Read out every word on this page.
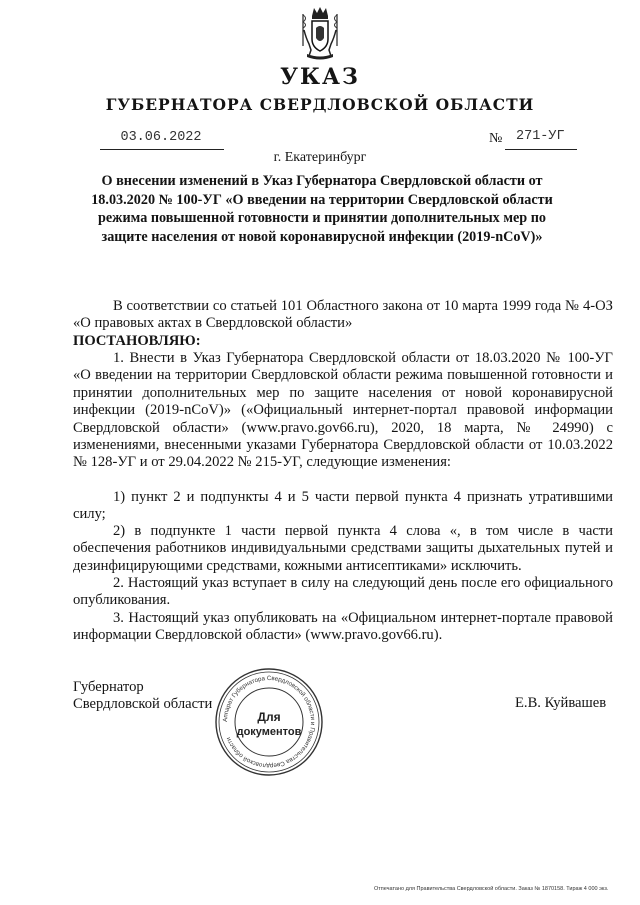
УКАЗ
ГУБЕРНАТОРА СВЕРДЛОВСКОЙ ОБЛАСТИ
03.06.2022	№ 271-УГ
г. Екатеринбург
О внесении изменений в Указ Губернатора Свердловской области от 18.03.2020 № 100-УГ «О введении на территории Свердловской области режима повышенной готовности и принятии дополнительных мер по защите населения от новой коронавирусной инфекции (2019-nCoV)»
В соответствии со статьей 101 Областного закона от 10 марта 1999 года № 4-ОЗ «О правовых актах в Свердловской области»
ПОСТАНОВЛЯЮ:
1. Внести в Указ Губернатора Свердловской области от 18.03.2020 № 100-УГ «О введении на территории Свердловской области режима повышенной готовности и принятии дополнительных мер по защите населения от новой коронавирусной инфекции (2019-nCoV)» («Официальный интернет-портал правовой информации Свердловской области» (www.pravo.gov66.ru), 2020, 18 марта, № 24990) с изменениями, внесенными указами Губернатора Свердловской области от 10.03.2022 № 128-УГ и от 29.04.2022 № 215-УГ, следующие изменения:
1) пункт 2 и подпункты 4 и 5 части первой пункта 4 признать утратившими силу;
2) в подпункте 1 части первой пункта 4 слова «, в том числе в части обеспечения работников индивидуальными средствами защиты дыхательных путей и дезинфицирующими средствами, кожными антисептиками» исключить.
2. Настоящий указ вступает в силу на следующий день после его официального опубликования.
3. Настоящий указ опубликовать на «Официальном интернет-портале правовой информации Свердловской области» (www.pravo.gov66.ru).
Губернатор
Свердловской области
Аппарат Губернатора Свердловской области и Правительства Свердловской области
Для
документов
Е.В. Куйвашев
Отпечатано для Правительства Свердловской области. Заказ № 1870158. Тираж 4 000 экз.
